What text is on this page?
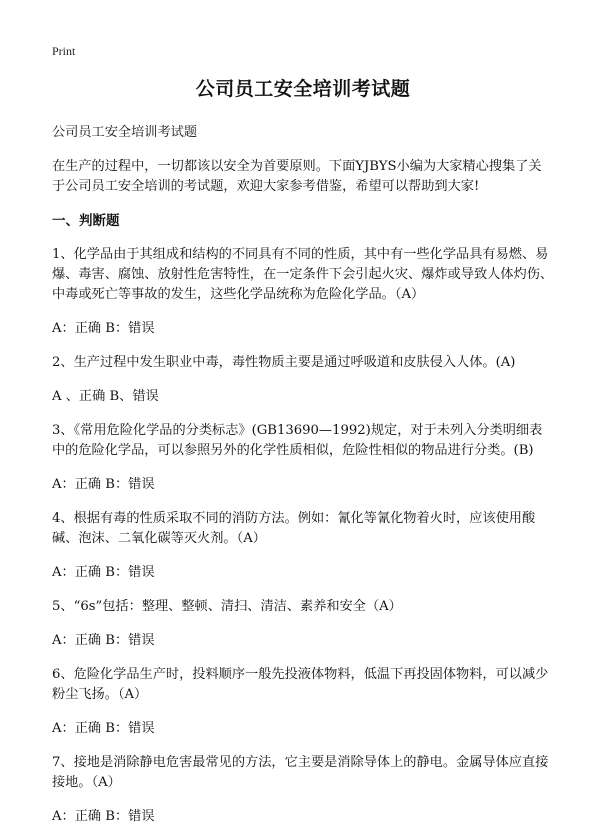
Print
公司员工安全培训考试题
公司员工安全培训考试题
在生产的过程中，一切都该以安全为首要原则。下面YJBYS小编为大家精心搜集了关于公司员工安全培训的考试题，欢迎大家参考借鉴，希望可以帮助到大家!
一、判断题
1、化学品由于其组成和结构的不同具有不同的性质，其中有一些化学品具有易燃、易爆、毒害、腐蚀、放射性危害特性，在一定条件下会引起火灾、爆炸或导致人体灼伤、中毒或死亡等事故的发生，这些化学品统称为危险化学品。（A）
A：正确 B：错误
2、生产过程中发生职业中毒，毒性物质主要是通过呼吸道和皮肤侵入人体。(A)
A 、正确 B、错误
3、《常用危险化学品的分类标志》(GB13690—1992)规定，对于未列入分类明细表中的危险化学品，可以参照另外的化学性质相似，危险性相似的物品进行分类。(B)
A：正确 B：错误
4、根据有毒的性质采取不同的消防方法。例如：氰化等氰化物着火时，应该使用酸碱、泡沫、二氧化碳等灭火剂。（A）
A：正确 B：错误
5、“6s”包括：整理、整顿、清扫、清洁、素养和安全（A）
A：正确 B：错误
6、危险化学品生产时，投料顺序一般先投液体物料，低温下再投固体物料，可以减少粉尘飞扬。（A）
A：正确 B：错误
7、接地是消除静电危害最常见的方法，它主要是消除导体上的静电。金属导体应直接接地。（A）
A：正确 B：错误
